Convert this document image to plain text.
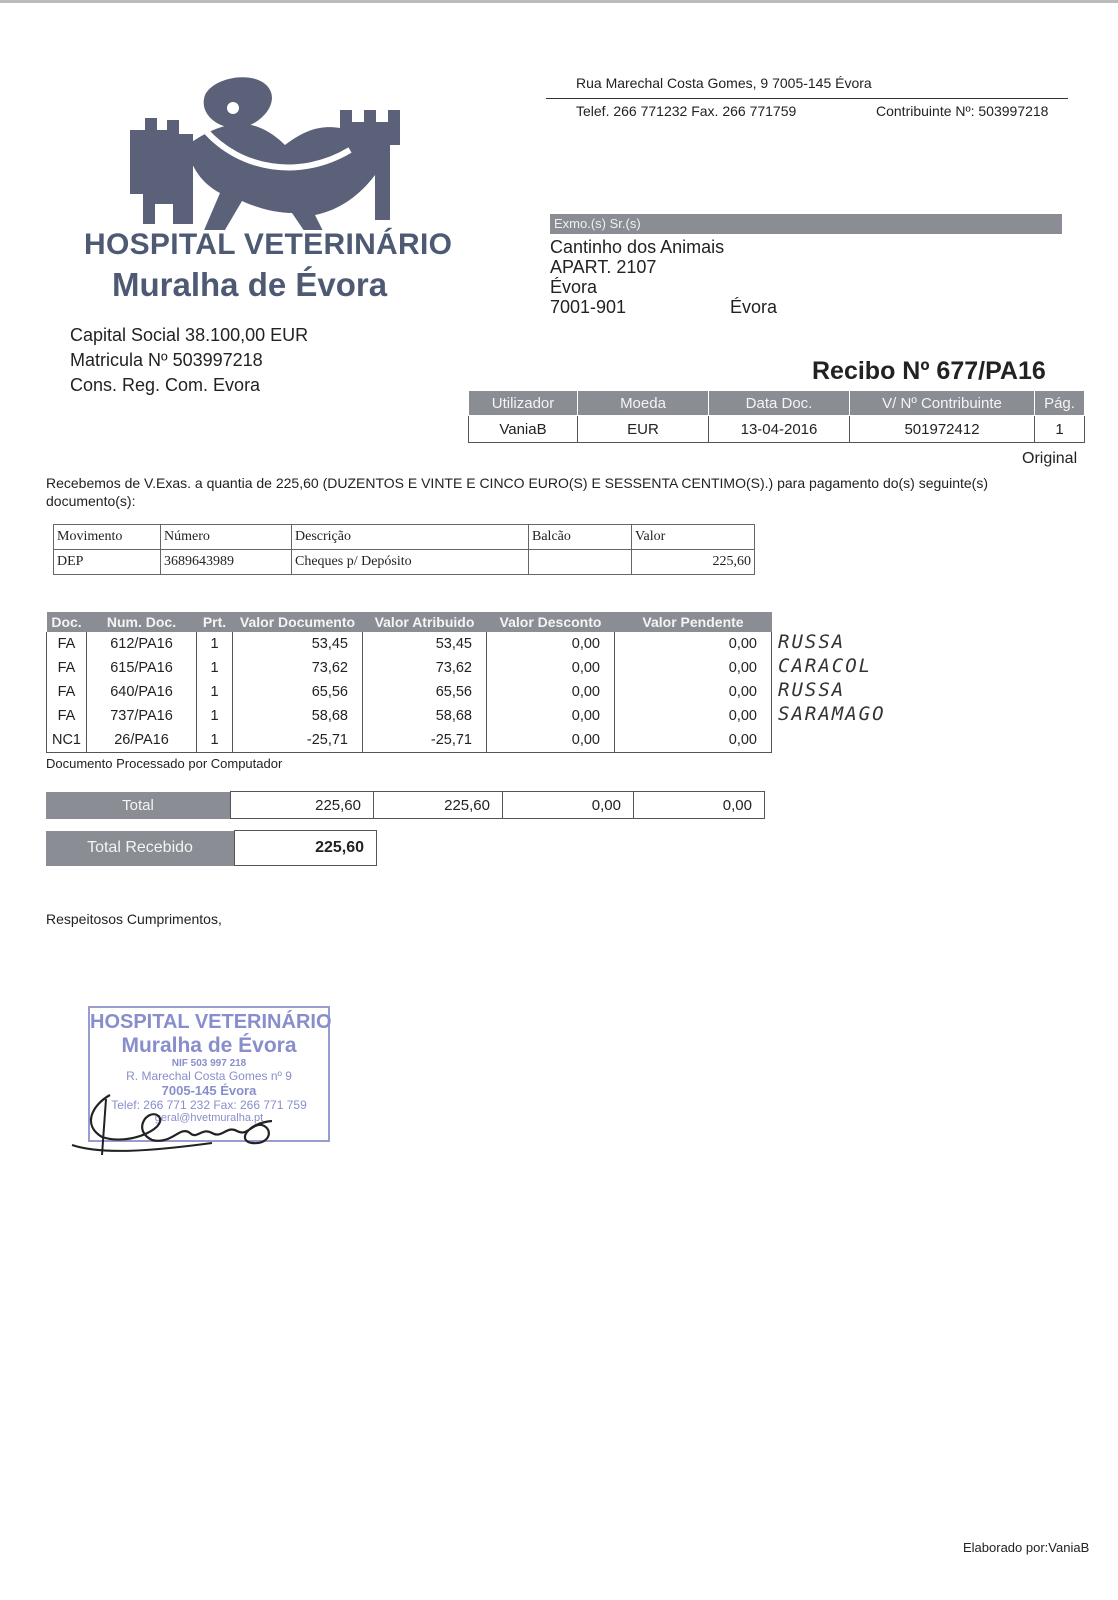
Rua Marechal Costa Gomes, 9 7005-145 Évora
Telef. 266 771232 Fax. 266 771759	Contribuinte Nº: 503997218
HOSPITAL VETERINÁRIO
Muralha de Évora
Capital Social 38.100,00 EUR
Matricula Nº 503997218
Cons. Reg. Com. Evora
Exmo.(s) Sr.(s)
Cantinho dos Animais
APART. 2107
Évora
7001-901	Évora
Recibo Nº 677/PA16
Utilizador	Moeda	Data Doc.	V/ Nº Contribuinte	Pág.
VaniaB	EUR	13-04-2016	501972412	1
Original
Recebemos de V.Exas. a quantia de 225,60 (DUZENTOS E VINTE E CINCO EURO(S) E SESSENTA CENTIMO(S).) para pagamento do(s) seguinte(s) documento(s):
Movimento	Número	Descrição	Balcão	Valor
DEP	3689643989	Cheques p/ Depósito		225,60
Doc.	Num. Doc.	Prt.	Valor Documento	Valor Atribuido	Valor Desconto	Valor Pendente
FA	612/PA16	1	53,45	53,45	0,00	0,00
FA	615/PA16	1	73,62	73,62	0,00	0,00
FA	640/PA16	1	65,56	65,56	0,00	0,00
FA	737/PA16	1	58,68	58,68	0,00	0,00
NC1	26/PA16	1	-25,71	-25,71	0,00	0,00
RUSSA
CARACOL
RUSSA
SARAMAGO
Documento Processado por Computador
Total	225,60	225,60	0,00	0,00
Total Recebido	225,60
Respeitosos Cumprimentos,
HOSPITAL VETERINÁRIO
Muralha de Évora
NIF 503 997 218
R. Marechal Costa Gomes nº 9
7005-145 Évora
Telef: 266 771 232 Fax: 266 771 759
geral@hvetmuralha.pt
Elaborado por:VaniaB
